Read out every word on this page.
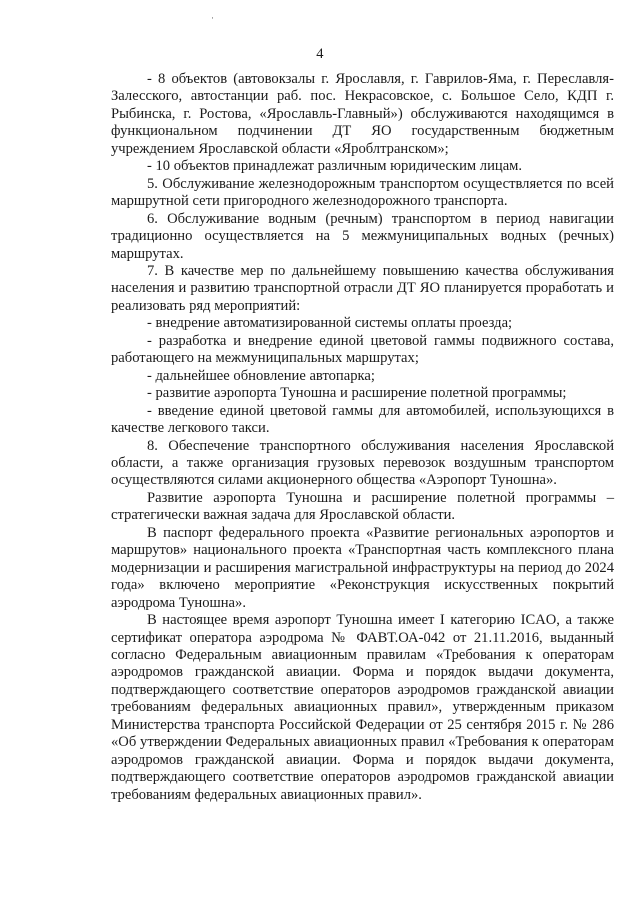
·
4

- 8 объектов (автовокзалы г. Ярославля, г. Гаврилов-Яма, г. Переславля-Залесского, автостанции раб. пос. Некрасовское, с. Большое Село, КДП г. Рыбинска, г. Ростова, «Ярославль-Главный») обслуживаются находящимся в функциональном подчинении ДТ ЯО государственным бюджетным учреждением Ярославской области «Яроблтранском»;

- 10 объектов принадлежат различным юридическим лицам.

5. Обслуживание железнодорожным транспортом осуществляется по всей маршрутной сети пригородного железнодорожного транспорта.

6. Обслуживание водным (речным) транспортом в период навигации традиционно осуществляется на 5 межмуниципальных водных (речных) маршрутах.

7. В качестве мер по дальнейшему повышению качества обслуживания населения и развитию транспортной отрасли ДТ ЯО планируется проработать и реализовать ряд мероприятий:

- внедрение автоматизированной системы оплаты проезда;

- разработка и внедрение единой цветовой гаммы подвижного состава, работающего на межмуниципальных маршрутах;

- дальнейшее обновление автопарка;

- развитие аэропорта Туношна и расширение полетной программы;

- введение единой цветовой гаммы для автомобилей, использующихся в качестве легкового такси.

8. Обеспечение транспортного обслуживания населения Ярославской области, а также организация грузовых перевозок воздушным транспортом осуществляются силами акционерного общества «Аэропорт Туношна».

Развитие аэропорта Туношна и расширение полетной программы – стратегически важная задача для Ярославской области.

В паспорт федерального проекта «Развитие региональных аэропортов и маршрутов» национального проекта «Транспортная часть комплексного плана модернизации и расширения магистральной инфраструктуры на период до 2024 года» включено мероприятие «Реконструкция искусственных покрытий аэродрома Туношна».

В настоящее время аэропорт Туношна имеет I категорию ICAO, а также сертификат оператора аэродрома № ФАВТ.ОА-042 от 21.11.2016, выданный согласно Федеральным авиационным правилам «Требования к операторам аэродромов гражданской авиации. Форма и порядок выдачи документа, подтверждающего соответствие операторов аэродромов гражданской авиации требованиям федеральных авиационных правил», утвержденным приказом Министерства транспорта Российской Федерации от 25 сентября 2015 г. № 286 «Об утверждении Федеральных авиационных правил «Требования к операторам аэродромов гражданской авиации. Форма и порядок выдачи документа, подтверждающего соответствие операторов аэродромов гражданской авиации требованиям федеральных авиационных правил».
